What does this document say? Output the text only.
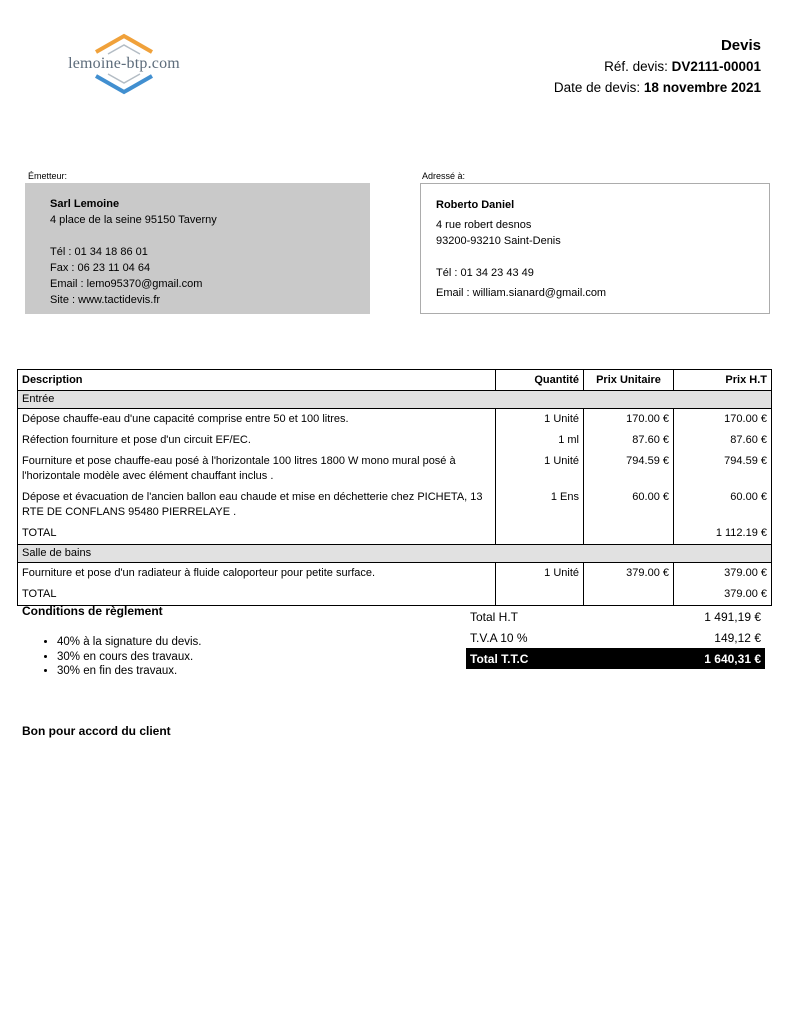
lemoine-btp.com
Devis
Réf. devis: DV2111-00001
Date de devis: 18 novembre 2021
Émetteur:
Sarl Lemoine
4 place de la seine 95150 Taverny
Tél : 01 34 18 86 01
Fax : 06 23 11 04 64
Email : lemo95370@gmail.com
Site : www.tactidevis.fr
Adressé à:
Roberto Daniel
4 rue robert desnos
93200-93210 Saint-Denis
Tél : 01 34 23 43 49
Email : william.sianard@gmail.com
Description	Quantité	Prix Unitaire	Prix H.T
Entrée			
Dépose chauffe-eau d'une capacité comprise entre 50 et 100 litres.	1 Unité	170.00 €	170.00 €
Réfection fourniture et pose d'un circuit EF/EC.	1 ml	87.60 €	87.60 €
Fourniture et pose chauffe-eau posé à l'horizontale 100 litres 1800 W mono mural posé à l'horizontale modèle avec élément chauffant inclus .	1 Unité	794.59 €	794.59 €
Dépose et évacuation de l'ancien ballon eau chaude et mise en déchetterie chez PICHETA, 13 RTE DE CONFLANS 95480 PIERRELAYE .	1 Ens	60.00 €	60.00 €
TOTAL			1 112.19 €
Salle de bains			
Fourniture et pose d'un radiateur à fluide caloporteur pour petite surface.	1 Unité	379.00 €	379.00 €
TOTAL			379.00 €
Conditions de règlement
• 40% à la signature du devis.
• 30% en cours des travaux.
• 30% en fin des travaux.
Total H.T	1 491,19 €
T.V.A 10 %	149,12 €
Total T.T.C	1 640,31 €
Bon pour accord du client
